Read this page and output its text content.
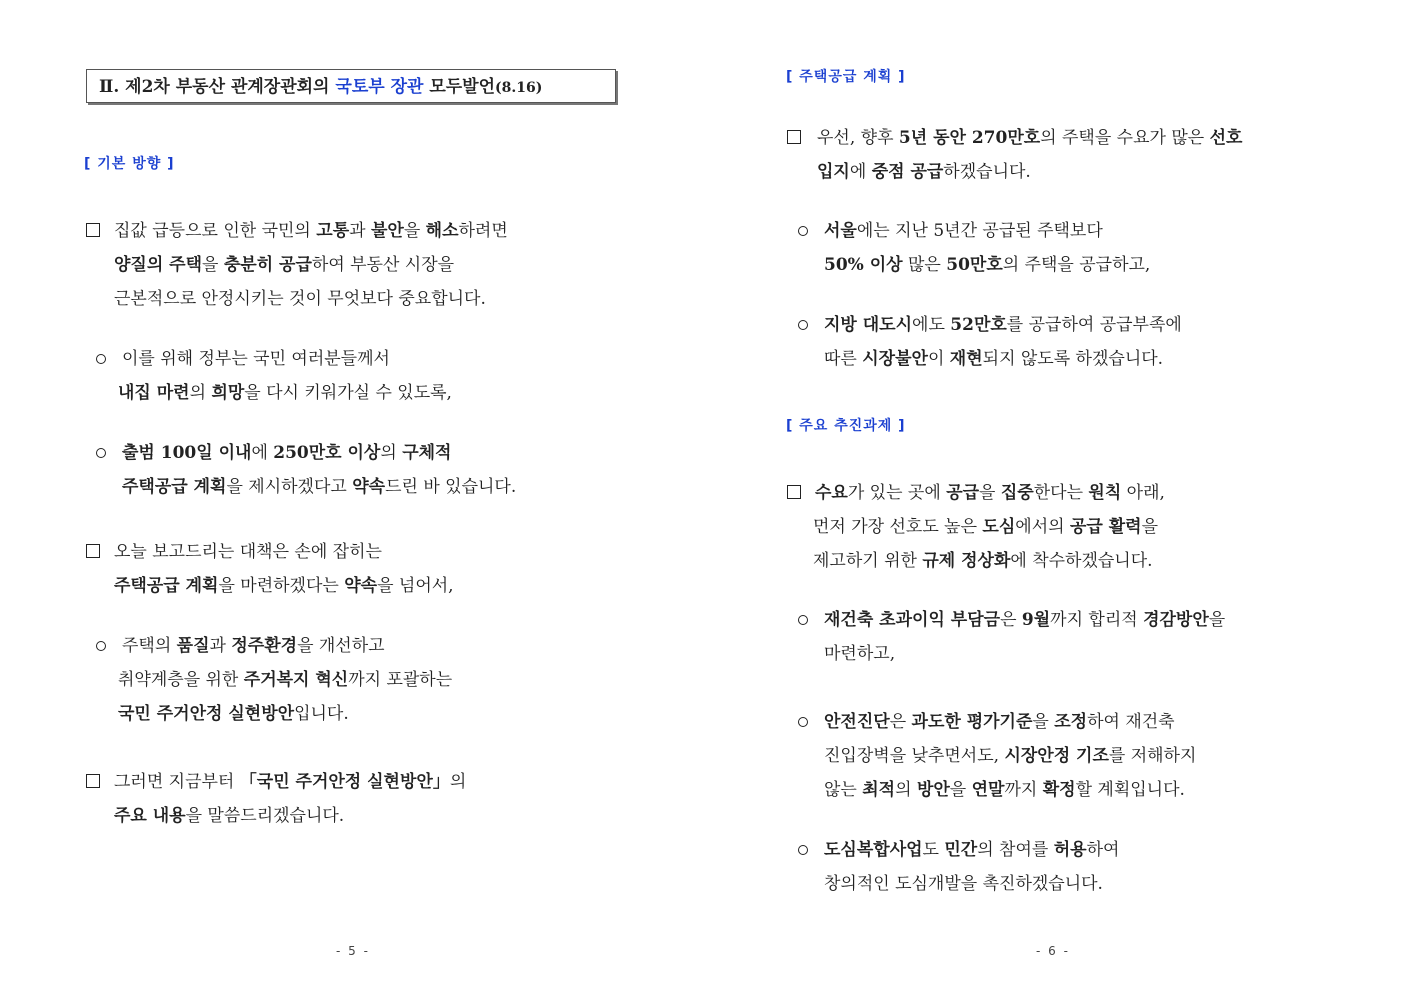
Ⅱ. 제2차 부동산 관계장관회의 국토부 장관 모두발언(8.16)
[ 기본 방향 ]
집값 급등으로 인한 국민의 고통과 불안을 해소하려면
양질의 주택을 충분히 공급하여 부동산 시장을
근본적으로 안정시키는 것이 무엇보다 중요합니다.
이를 위해 정부는 국민 여러분들께서
내집 마련의 희망을 다시 키워가실 수 있도록,
출범 100일 이내에 250만호 이상의 구체적
주택공급 계획을 제시하겠다고 약속드린 바 있습니다.
오늘 보고드리는 대책은 손에 잡히는
주택공급 계획을 마련하겠다는 약속을 넘어서,
주택의 품질과 정주환경을 개선하고
취약계층을 위한 주거복지 혁신까지 포괄하는
국민 주거안정 실현방안입니다.
그러면 지금부터 「국민 주거안정 실현방안」의
주요 내용을 말씀드리겠습니다.
- 5 -
[ 주택공급 계획 ]
우선, 향후 5년 동안 270만호의 주택을 수요가 많은 선호
입지에 중점 공급하겠습니다.
서울에는 지난 5년간 공급된 주택보다
50% 이상 많은 50만호의 주택을 공급하고,
지방 대도시에도 52만호를 공급하여 공급부족에
따른 시장불안이 재현되지 않도록 하겠습니다.
[ 주요 추진과제 ]
수요가 있는 곳에 공급을 집중한다는 원칙 아래,
먼저 가장 선호도 높은 도심에서의 공급 활력을
제고하기 위한 규제 정상화에 착수하겠습니다.
재건축 초과이익 부담금은 9월까지 합리적 경감방안을
마련하고,
안전진단은 과도한 평가기준을 조정하여 재건축
진입장벽을 낮추면서도, 시장안정 기조를 저해하지
않는 최적의 방안을 연말까지 확정할 계획입니다.
도심복합사업도 민간의 참여를 허용하여
창의적인 도심개발을 촉진하겠습니다.
- 6 -
